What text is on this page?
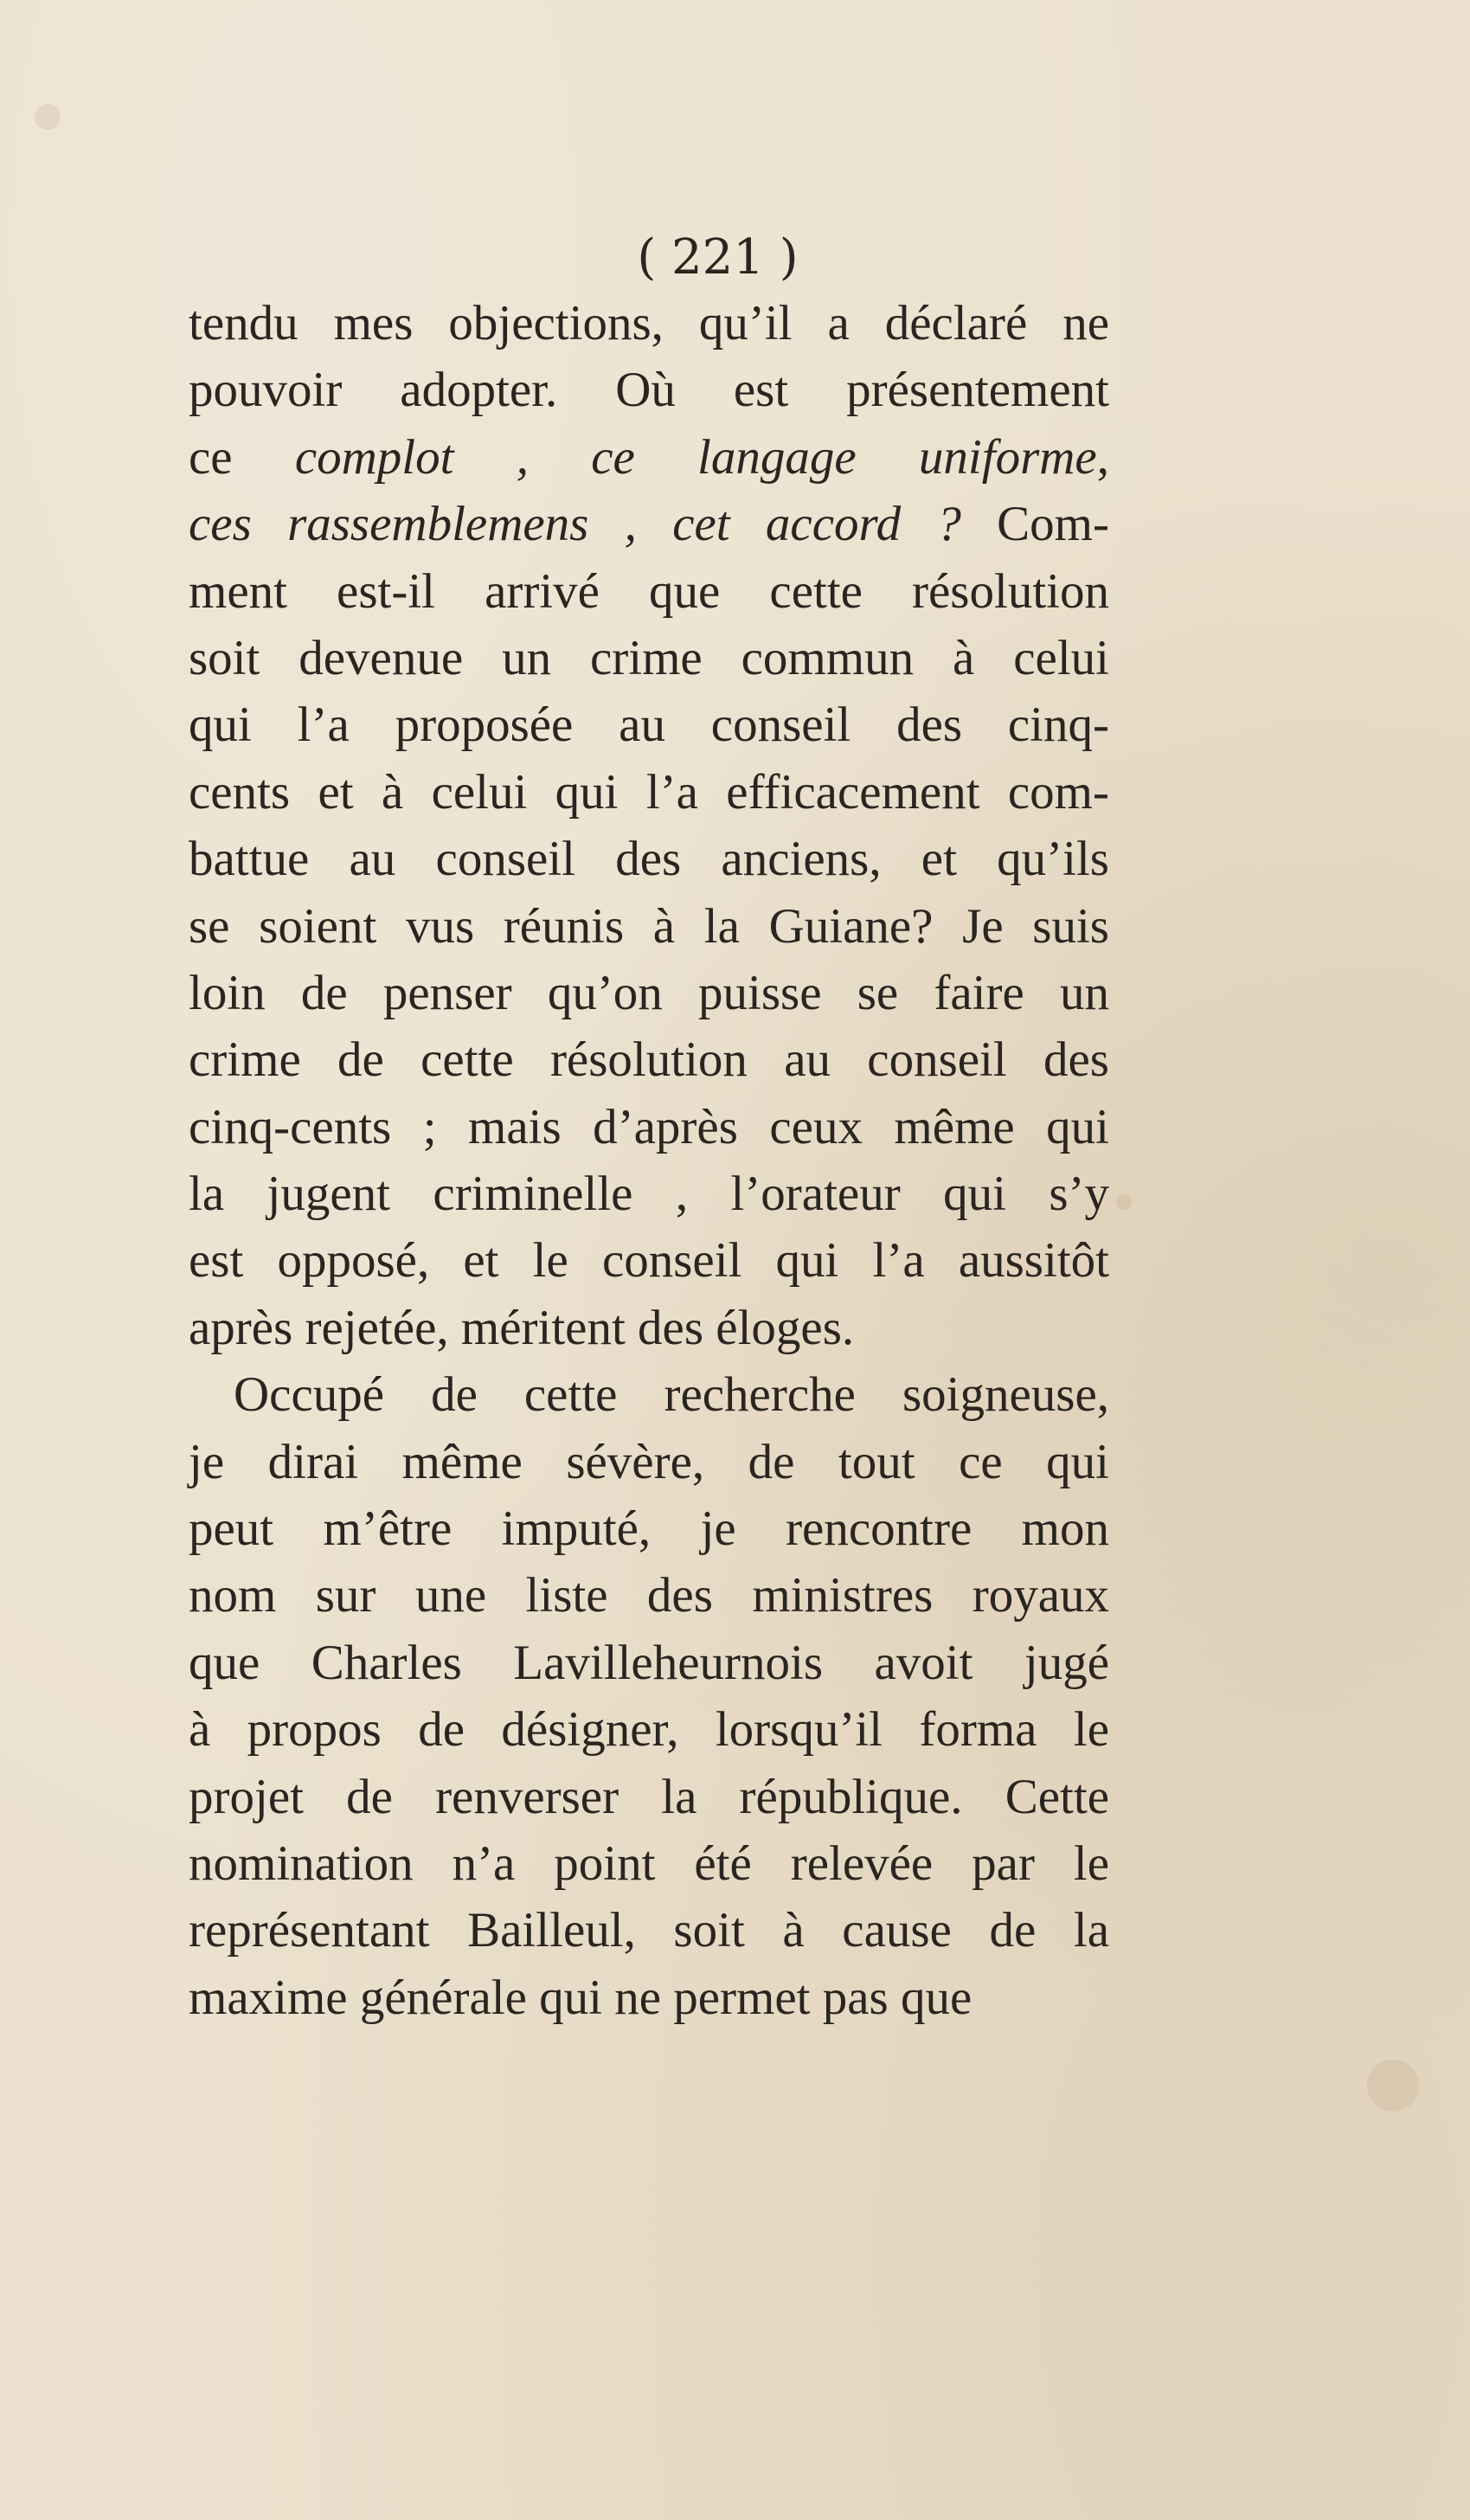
( 221 )
tendu mes objections, qu’il a déclaré ne
pouvoir adopter. Où est présentement
ce complot , ce langage uniforme,
ces rassemblemens , cet accord ? Com-
ment est-il arrivé que cette résolution
soit devenue un crime commun à celui
qui l’a proposée au conseil des cinq-
cents et à celui qui l’a efficacement com-
battue au conseil des anciens, et qu’ils
se soient vus réunis à la Guiane? Je suis
loin de penser qu’on puisse se faire un
crime de cette résolution au conseil des
cinq-cents ; mais d’après ceux même qui
la jugent criminelle , l’orateur qui s’y
est opposé, et le conseil qui l’a aussitôt
après rejetée, méritent des éloges.
Occupé de cette recherche soigneuse,
je dirai même sévère, de tout ce qui
peut m’être imputé, je rencontre mon
nom sur une liste des ministres royaux
que Charles Lavilleheurnois avoit jugé
à propos de désigner, lorsqu’il forma le
projet de renverser la république. Cette
nomination n’a point été relevée par le
représentant Bailleul, soit à cause de la
maxime générale qui ne permet pas que
